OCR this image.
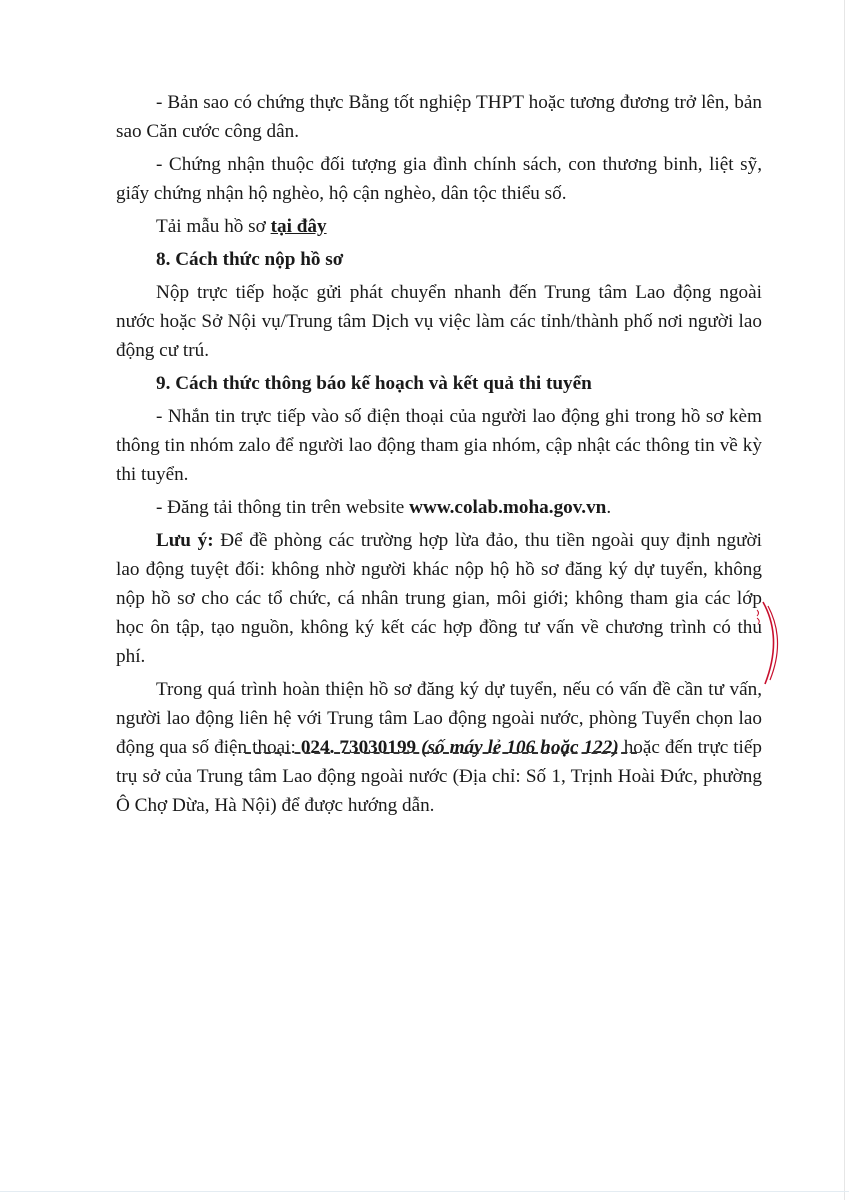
- Bản sao có chứng thực Bằng tốt nghiệp THPT hoặc tương đương trở lên, bản sao Căn cước công dân.

- Chứng nhận thuộc đối tượng gia đình chính sách, con thương binh, liệt sỹ, giấy chứng nhận hộ nghèo, hộ cận nghèo, dân tộc thiểu số.

Tải mẫu hồ sơ tại đây

8. Cách thức nộp hồ sơ

Nộp trực tiếp hoặc gửi phát chuyển nhanh đến Trung tâm Lao động ngoài nước hoặc Sở Nội vụ/Trung tâm Dịch vụ việc làm các tỉnh/thành phố nơi người lao động cư trú.

9. Cách thức thông báo kế hoạch và kết quả thi tuyển

- Nhắn tin trực tiếp vào số điện thoại của người lao động ghi trong hồ sơ kèm thông tin nhóm zalo để người lao động tham gia nhóm, cập nhật các thông tin về kỳ thi tuyển.

- Đăng tải thông tin trên website www.colab.moha.gov.vn.

Lưu ý: Để đề phòng các trường hợp lừa đảo, thu tiền ngoài quy định người lao động tuyệt đối: không nhờ người khác nộp hộ hồ sơ đăng ký dự tuyển, không nộp hồ sơ cho các tổ chức, cá nhân trung gian, môi giới; không tham gia các lớp học ôn tập, tạo nguồn, không ký kết các hợp đồng tư vấn về chương trình có thu phí.

Trong quá trình hoàn thiện hồ sơ đăng ký dự tuyển, nếu có vấn đề cần tư vấn, người lao động liên hệ với Trung tâm Lao động ngoài nước, phòng Tuyển chọn lao động qua số điện thoại: 024. 73030199 (số máy lẻ 106 hoặc 122) hoặc đến trực tiếp trụ sở của Trung tâm Lao động ngoài nước (Địa chỉ: Số 1, Trịnh Hoài Đức, phường Ô Chợ Dừa, Hà Nội) để được hướng dẫn.
